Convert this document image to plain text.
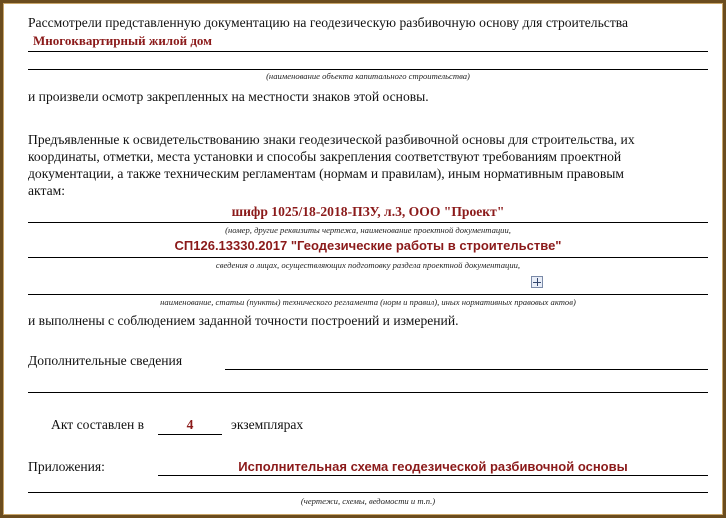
Рассмотрели представленную документацию на геодезическую разбивочную основу для строительства
Многоквартирный жилой дом
(наименование объекта капитального строительства)
и произвели осмотр закрепленных на местности знаков этой основы.
Предъявленные к освидетельствованию знаки геодезической разбивочной основы для строительства, их
координаты, отметки, места установки и способы закрепления соответствуют требованиям проектной
документации, а также техническим регламентам (нормам и правилам), иным нормативным правовым
актам:
шифр 1025/18-2018-ПЗУ, л.3, ООО "Проект"
(номер, другие реквизиты чертежа, наименование проектной документации,
СП126.13330.2017 "Геодезические работы в строительстве"
сведения о лицах, осуществляющих подготовку раздела проектной документации,
наименование, статьи (пункты) технического регламента (норм и правил), иных нормативных правовых актов)
и выполнены с соблюдением заданной точности построений и измерений.
Дополнительные сведения
Акт составлен в	4	экземплярах
Приложения:	Исполнительная схема геодезической разбивочной основы
(чертежи, схемы, ведомости и т.п.)
